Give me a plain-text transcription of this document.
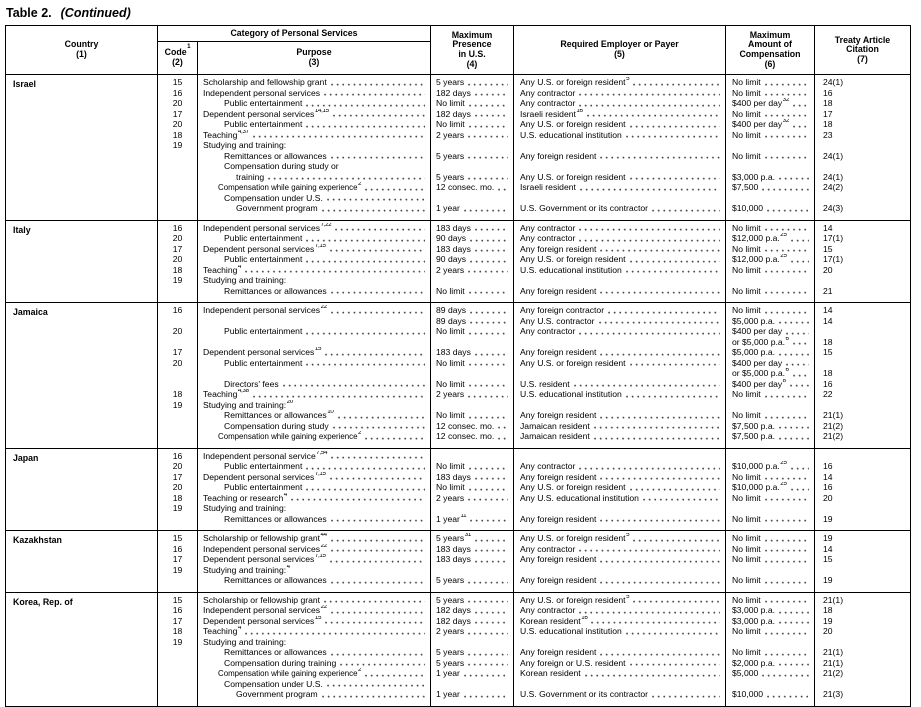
Table 2. (Continued)
Country
(1)

Category of Personal Services	Maximum
Presence
in U.S.
(4)

Required Employer or Payer
(5)

Maximum
Amount of
Compensation
(6)

Treaty Article
Citation
(7)

Code$^1$
(2)

Purpose
(3)

Israel	15	Scholarship and fellowship grant	5 years	Any U.S. or foreign resident$^5$	No limit	24(1)

	16	Independent personal services	182 days	Any contractor	No limit	16

	20	Public entertainment	No limit	Any contractor	$400 per day$^{32}$	18

	17	Dependent personal services$^{14,15}$	182 days	Israeli resident$^{16}$	No limit	17

	20	Public entertainment	No limit	Any U.S. or foreign resident	$400 per day$^{32}$	18

	18	Teaching$^{4,37}$	2 years	U.S. educational institution	No limit	23

	19	Studying and training:				

		Remittances or allowances	5 years	Any foreign resident	No limit	24(1)

		Compensation during study or				

		training	5 years	Any U.S. or foreign resident	$3,000 p.a.	24(1)

		Compensation while gaining experience$^2$	12 consec. mo.	Israeli resident	$7,500	24(2)

		Compensation under U.S.				

		Government program	1 year	U.S. Government or its contractor	$10,000	24(3)

Italy	16	Independent personal services$^{7,22}$	183 days	Any contractor	No limit	14

	20	Public entertainment	90 days	Any contractor	$12,000 p.a.$^{25}$	17(1)

	17	Dependent personal services$^{7,15}$	183 days	Any foreign resident	No limit	15

	20	Public entertainment	90 days	Any U.S. or foreign resident	$12,000 p.a.$^{25}$	17(1)

	18	Teaching$^4$	2 years	U.S. educational institution	No limit	20

	19	Studying and training:				

		Remittances or allowances	No limit	Any foreign resident	No limit	21

Jamaica	16	Independent personal services$^{22}$	89 days	Any foreign contractor	No limit	14

			89 days	Any U.S. contractor	$5,000 p.a.	14

	20	Public entertainment	No limit	Any contractor	$400 per day	

					or $5,000 p.a.$^6$	18

	17	Dependent personal services$^{15}$	183 days	Any foreign resident	$5,000 p.a.	15

	20	Public entertainment	No limit	Any U.S. or foreign resident	$400 per day	

					or $5,000 p.a.$^6$	18

		Directors' fees	No limit	U.S. resident	$400 per day$^8$	16

	18	Teaching$^{4,38}$	2 years	U.S. educational institution	No limit	22

	19	Studying and training:$^{20}$

		Remittances or allowances$^{10}$	No limit	Any foreign resident	No limit	21(1)

		Compensation during study	12 consec. mo.	Jamaican resident	$7,500 p.a.	21(2)

		Compensation while gaining experience$^2$	12 consec. mo.	Jamaican resident	$7,500 p.a.	21(2)

Japan	16	Independent personal service$^{7,54}$

	20	Public entertainment	No limit	Any contractor	$10,000 p.a.$^{25}$	16

	17	Dependent personal services$^{7,15}$	183 days	Any foreign resident	No limit	14

	20	Public entertainment	No limit	Any U.S. or foreign resident	$10,000 p.a.$^{25}$	16

	18	Teaching or research$^4$	2 years	Any U.S. educational institution	No limit	20

	19	Studying and training:				

		Remittances or allowances	1 year$^{11}$	Any foreign resident	No limit	19

Kazakhstan	15	Scholarship or fellowship grant$^{44}$	5 years$^{31}$	Any U.S. or foreign resident$^5$	No limit	19

	16	Independent personal services$^{22}$	183 days	Any contractor	No limit	14

	17	Dependent personal services$^{7,15}$	183 days	Any foreign resident	No limit	15

	19	Studying and training:$^4$

		Remittances or allowances	5 years	Any foreign resident	No limit	19

Korea, Rep. of	15	Scholarship or fellowship grant	5 years	Any U.S. or foreign resident$^5$	No limit	21(1)

	16	Independent personal services$^{22}$	182 days	Any contractor	$3,000 p.a.	18

	17	Dependent personal services$^{15}$	182 days	Korean resident$^{16}$	$3,000 p.a.	19

	18	Teaching$^4$	2 years	U.S. educational institution	No limit	20

	19	Studying and training:				

		Remittances or allowances	5 years	Any foreign resident	No limit	21(1)

		Compensation during training	5 years	Any foreign or U.S. resident	$2,000 p.a.	21(1)

		Compensation while gaining experience$^2$	1 year	Korean resident	$5,000	21(2)

		Compensation under U.S.				

		Government program	1 year	U.S. Government or its contractor	$10,000	21(3)
